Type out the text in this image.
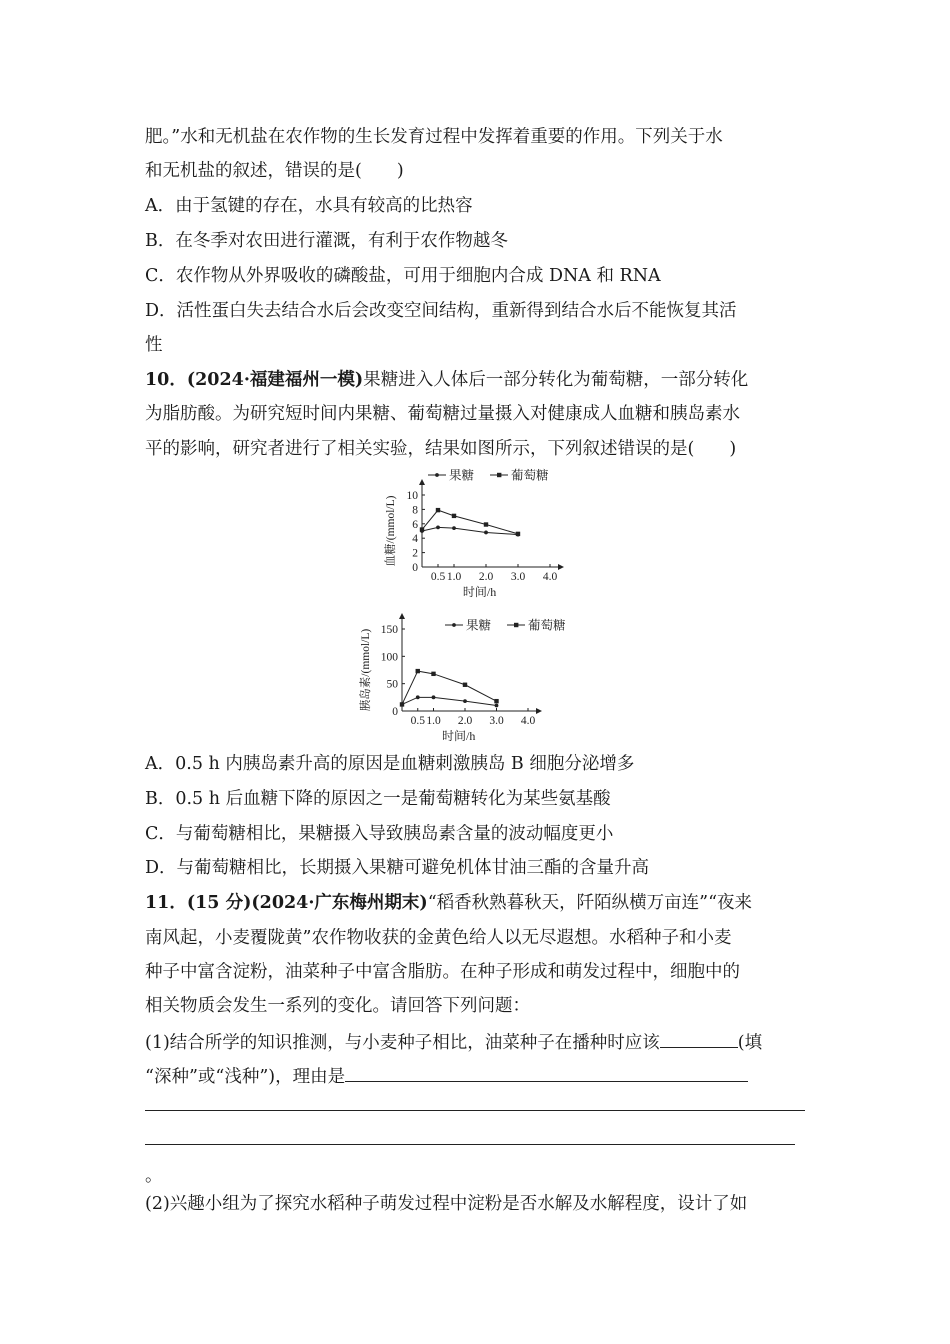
肥。”水和无机盐在农作物的生长发育过程中发挥着重要的作用。下列关于水
和无机盐的叙述，错误的是(　　)
A．由于氢键的存在，水具有较高的比热容
B．在冬季对农田进行灌溉，有利于农作物越冬
C．农作物从外界吸收的磷酸盐，可用于细胞内合成 DNA 和 RNA
D．活性蛋白失去结合水后会改变空间结构，重新得到结合水后不能恢复其活
性
10．(2024·福建福州一模)果糖进入人体后一部分转化为葡萄糖，一部分转化
为脂肪酸。为研究短时间内果糖、葡萄糖过量摄入对健康成人血糖和胰岛素水
平的影响，研究者进行了相关实验，结果如图所示，下列叙述错误的是(　　)
0.5 1.0 2.0 3.0 4.0
0
2
4
6
8
10
时间/h
血糖/(mmol/L)
果糖	葡萄糖
0.5 1.0 2.0 3.0 4.0
0
50
100
150
时间/h
胰岛素/(mmol/L)
果糖	葡萄糖
A．0.5 h 内胰岛素升高的原因是血糖刺激胰岛 B 细胞分泌增多
B．0.5 h 后血糖下降的原因之一是葡萄糖转化为某些氨基酸
C．与葡萄糖相比，果糖摄入导致胰岛素含量的波动幅度更小
D．与葡萄糖相比，长期摄入果糖可避免机体甘油三酯的含量升高
11．(15 分)(2024·广东梅州期末)“稻香秋熟暮秋天，阡陌纵横万亩连”“夜来
南风起，小麦覆陇黄”农作物收获的金黄色给人以无尽遐想。水稻种子和小麦
种子中富含淀粉，油菜种子中富含脂肪。在种子形成和萌发过程中，细胞中的
相关物质会发生一系列的变化。请回答下列问题：
(1)结合所学的知识推测，与小麦种子相比，油菜种子在播种时应该	(填
“深种”或“浅种”)，理由是
。
(2)兴趣小组为了探究水稻种子萌发过程中淀粉是否水解及水解程度，设计了如
